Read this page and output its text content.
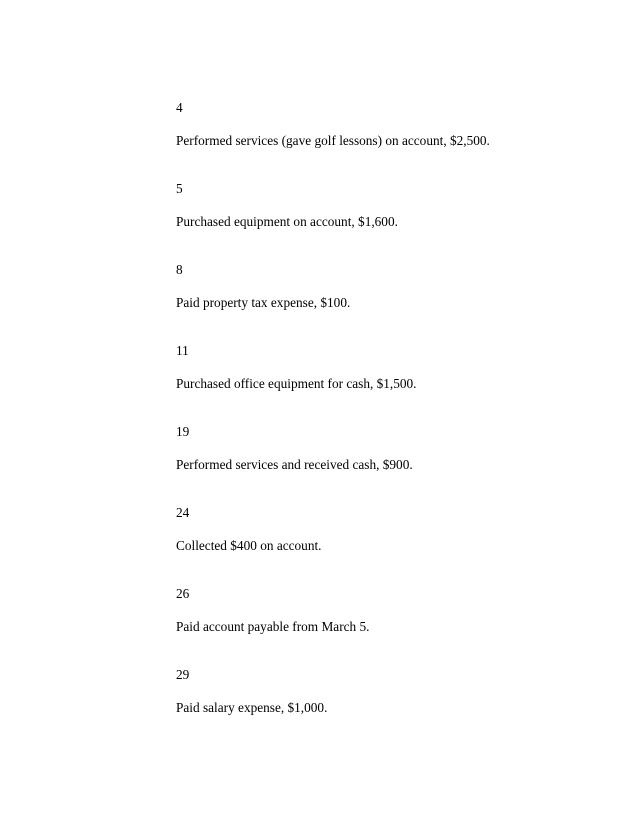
4
Performed services (gave golf lessons) on account, $2,500.
5
Purchased equipment on account, $1,600.
8
Paid property tax expense, $100.
11
Purchased office equipment for cash, $1,500.
19
Performed services and received cash, $900.
24
Collected $400 on account.
26
Paid account payable from March 5.
29
Paid salary expense, $1,000.
